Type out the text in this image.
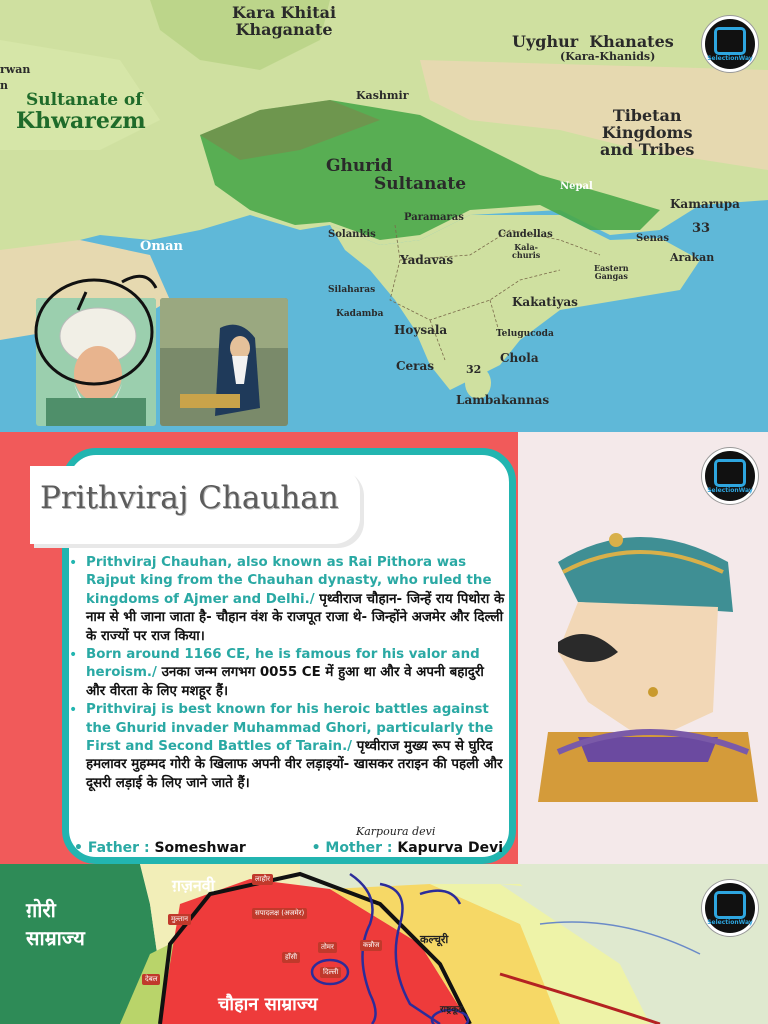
Kara Khitai
Khaganate
Uyghur  Khanates
(Kara-Khanids)
rwan
n
Sultanate of
Khwarezm
Kashmir
Tibetan
Kingdoms
and Tribes
Ghurid
Sultanate	Nepal
Kamarupa
Oman
Paramaras
Solankis	Candellas
Kala-
churis
Senas
33
Yadavas	Arakan
Eastern
Gangas
Silaharas
Kakatiyas
Kadamba
Hoysala	Telugucoda
Chola
Ceras	32
Lambakannas
SelectionWay
Prithviraj Chauhan
• Prithviraj Chauhan, also known as Rai Pithora was Rajput king from the Chauhan dynasty, who ruled the kingdoms of Ajmer and Delhi./ पृथ्वीराज चौहान- जिन्हें राय पिथोरा के नाम से भी जाना जाता है- चौहान वंश के राजपूत राजा थे- जिन्होंने अजमेर और दिल्ली के राज्यों पर राज किया।
• Born around 1166 CE, he is famous for his valor and heroism./ उनका जन्म लगभग 0055 CE में हुआ था और वे अपनी बहादुरी और वीरता के लिए मशहूर हैं।
• Prithviraj is best known for his heroic battles against the Ghurid invader Muhammad Ghori, particularly the First and Second Battles of Tarain./ पृथ्वीराज मुख्य रूप से घुरिद हमलावर मुहम्मद गोरी के खिलाफ अपनी वीर लड़ाइयों- खासकर तराइन की पहली और दूसरी लड़ाई के लिए जाने जाते हैं।
Karpoura devi
• Father : Someshwar	• Mother : Kapurva Devi
SelectionWay
ग़ोरी
साम्राज्य
ग़ज़नवी	लाहौर
मुल्तान
सपादलक्ष (अजमेर)
हाँसी
तोमर
दिल्ली
कन्नौज
देबल
कल्चूरी
राष्ट्रकूट
चौहान साम्राज्य
SelectionWay
